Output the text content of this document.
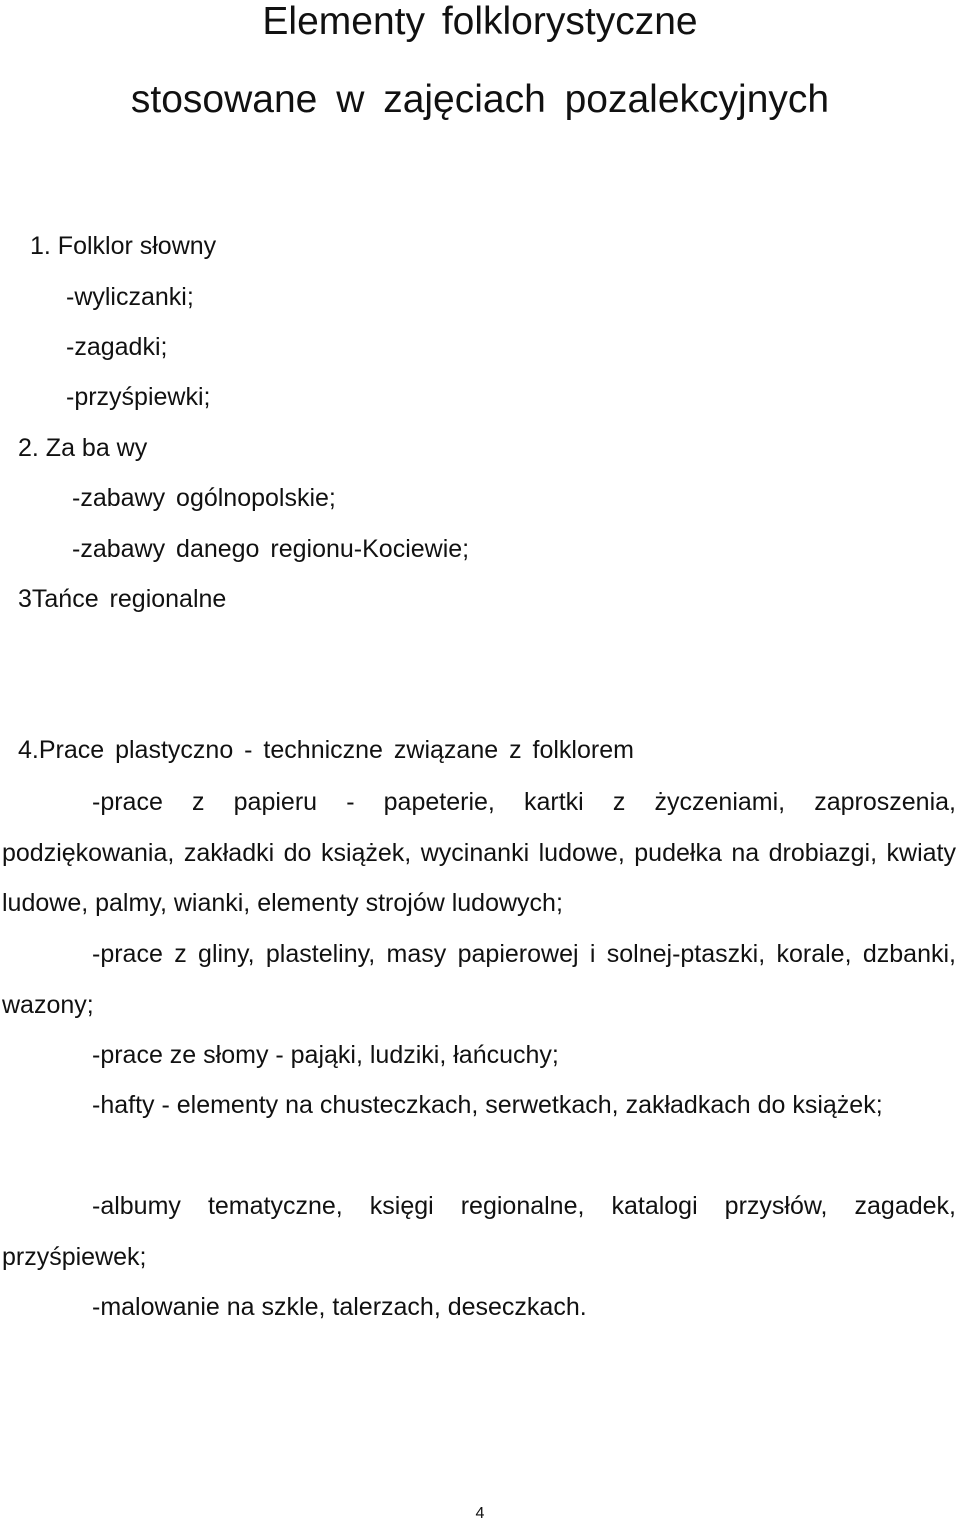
Elementy folklorystyczne
stosowane w zajęciach pozalekcyjnych

1. Folklor słowny

-wyliczanki;

-zagadki;

-przyśpiewki;

2. Za ba wy

-zabawy ogólnopolskie;

-zabawy danego regionu-Kociewie;

3Tańce regionalne

4.Prace plastyczno - techniczne związane z folklorem

-prace z papieru - papeterie, kartki z życzeniami, zaproszenia, podziękowania, zakładki do książek, wycinanki ludowe, pudełka na drobiazgi, kwiaty ludowe, palmy, wianki, elementy strojów ludowych;

-prace z gliny, plasteliny, masy papierowej i solnej-ptaszki, korale, dzbanki, wazony;

-prace ze słomy - pająki, ludziki, łańcuchy;

-hafty - elementy na chusteczkach, serwetkach, zakładkach do książek;

-albumy tematyczne, księgi regionalne, katalogi przysłów, zagadek, przyśpiewek;

-malowanie na szkle, talerzach, deseczkach.

4
